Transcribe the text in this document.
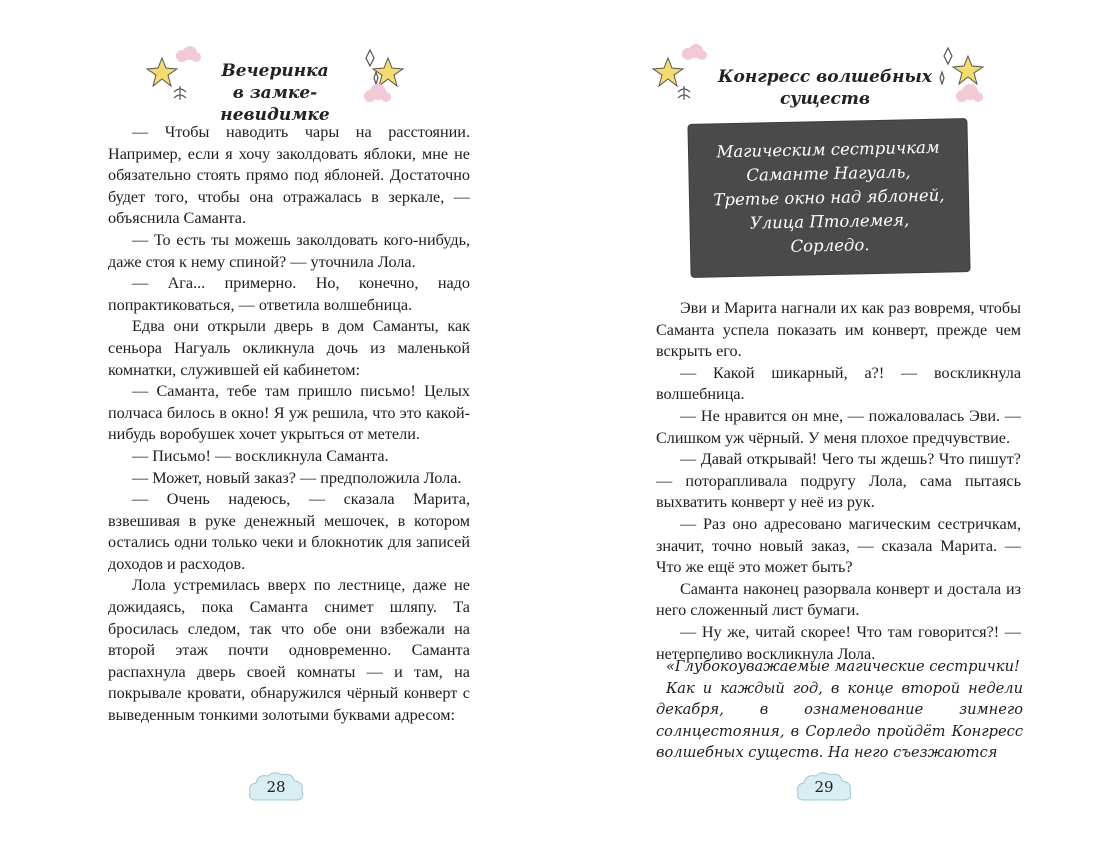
Вечеринка
в замке-невидимке

— Чтобы наводить чары на расстоянии. Например, если я хочу заколдовать яблоки, мне не обязательно стоять прямо под яблоней. Достаточно будет того, чтобы она отражалась в зеркале, — объяснила Саманта.

— То есть ты можешь заколдовать кого-нибудь, даже стоя к нему спиной? — уточнила Лола.

— Ага... примерно. Но, конечно, надо попрактиковаться, — ответила волшебница.

Едва они открыли дверь в дом Саманты, как сеньора Нагуаль окликнула дочь из маленькой комнатки, служившей ей кабинетом:

— Саманта, тебе там пришло письмо! Целых полчаса билось в окно! Я уж решила, что это какой-нибудь воробушек хочет укрыться от метели.

— Письмо! — воскликнула Саманта.

— Может, новый заказ? — предположила Лола.

— Очень надеюсь, — сказала Марита, взвешивая в руке денежный мешочек, в котором остались одни только чеки и блокнотик для записей доходов и расходов.

Лола устремилась вверх по лестнице, даже не дожидаясь, пока Саманта снимет шляпу. Та бросилась следом, так что обе они взбежали на второй этаж почти одновременно. Саманта распахнула дверь своей комнаты — и там, на покрывале кровати, обнаружился чёрный конверт с выведенным тонкими золотыми буквами адресом:

28
Конгресс волшебных существ
Магическим сестричкам
Саманте Нагуаль,
Третье окно над яблоней,
Улица Птолемея,
Сорледо.

Эви и Марита нагнали их как раз вовремя, чтобы Саманта успела показать им конверт, прежде чем вскрыть его.

— Какой шикарный, а?! — воскликнула волшебница.

— Не нравится он мне, — пожаловалась Эви. — Слишком уж чёрный. У меня плохое предчувствие.

— Давай открывай! Чего ты ждешь? Что пишут? — поторапливала подругу Лола, сама пытаясь выхватить конверт у неё из рук.

— Раз оно адресовано магическим сестричкам, значит, точно новый заказ, — сказала Марита. — Что же ещё это может быть?

Саманта наконец разорвала конверт и достала из него сложенный лист бумаги.

— Ну же, читай скорее! Что там говорится?! — нетерпеливо воскликнула Лола.

«Глубокоуважаемые магические сестрички!

Как и каждый год, в конце второй недели декабря, в ознаменование зимнего солнцестояния, в Сорледо пройдёт Конгресс волшебных существ. На него съезжаются

29
